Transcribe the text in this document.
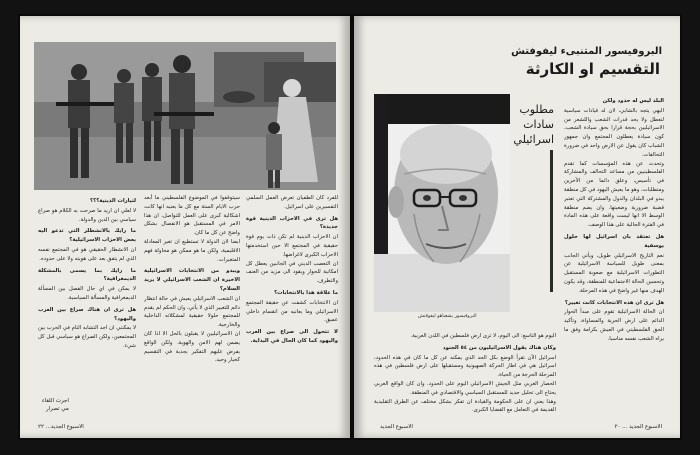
للفرد كان الطفيان تعرض العمل السلمي التفسيرين على اسرائيل.
هل ترى في الاحزاب الدينية قوة جديدة؟
ان الاحزاب الدينية لم تكن ذات يوم قوة حقيقية في المجتمع الا حين استخدمتها الاحزاب الكبرى لاغراضها.
ان التعصب الديني في الجانبين يعطل كل امكانية للحوار ويقود الى مزيد من العنف والتطرف.
ما علاقة هذا بالانتخابات؟
ان الانتخابات كشفت عن حقيقة المجتمع الاسرائيلي وما يعانيه من انقسام داخلي عميق.
لا تتحول الى صراع بين العرب واليهود كما كان الحال في البداية.
سيتوقفوا في الموضوع الفلسطيني ما أبعد حرب الايام الستة مع كل ما يعنيه انها كانت اشكالية كبرى على العمل للتواصل، ان هذا الامر في المستقبل هو الانفصال بشكل واضح عن كل ما كان.
ايضا لان الدولة لا تستطيع ان تغير المعادلة الاقليمية، ولكن ما هو ممكن هو محاولة فهم المتغيرات.
ويبدو من الانتخابات الاسرائيلية الاخيرة ان الشعب الاسرائيلي لا يريد السلام؟
ان الشعب الاسرائيلي يعيش في حالة انتظار دائم للتغيير الذي لا يأتي، وان الحكم لم يقدم للمجتمع حلولا حقيقية لمشكلاته الداخلية والخارجية.
ان الاسرائيليين لا يقبلون بالحل الا اذا كان يضمن لهم الامن والهوية، ولكن الواقع يفرض عليهم التفكير بجدية في التقسيم كخيار وحيد.
لتيارات الدينية؟؟؟
لا لعلي ان اريد ما صرحت به الكلام هو صراع سياسي بين الدين والدولة.
ما رايك بالانشطلر التي تدعو اليه بعض الاحزاب الاسرائيلية؟
ان الانشطار الحقيقي هو في المجتمع نفسه الذي لم يتفق بعد على هويته ولا على حدوده.
ما رايك بما يسمى بالمشكلة الديمغرافية؟
لا يمكن في اي حال الفصل بين المسألة الديمغرافية والمسألة السياسية.
هل ترى ان هناك صراع بين العرب واليهود؟
لا يمكنني ان اجد التشابه التام في الحرب بين المجتمعين، ولكن الصراع هو سياسي قبل كل شيء.
اجرت اللقاء
مي تصرار
الاسبوع الجديد... ٢٢
البروفيسور المتنبىء ليفوفتش
التقسيم او الكارثة
البروفيسور يشعياهو ليفوفتش
مطلوب
سادات
اسرائيلي
البلد ليس له حدود ولكن
اليهي يتجه بالشابي، لان له قيادات سياسية لتعطل ولا يحد قدرات الشعب واللشعر من الاسرائيليين بحجة قرارا بحق سيادة الشعب، كون سيادة يعطلون المجتمع وان جمهور الشباب كان يقول عن الارض واحد في ضرورة التحالفات.
وتحدث عن هذه المؤسسات كما تقدم الفلسطينيين من مساعد التحالف والمشاركة في تأسيس، وعلق دائما من الآخرين ومتطلبات، وهو ما يعيش اليهود في كل منطقة يبدو في البلدان والدول والمشتركة التي تعتبر قضية ضرورية وضعيتها. وان يضم منطقة الوسط الا انها ليست واقعة على هذه المادة في الفترة الحالية على هذا الوصف.
هل تعتقد بان اسرائيل لها حلول يوسفية
نعم التاريخ الاسرائيلي طويل، ويأتي الجانب بمعنى طويل للسياسة الاسرائيلية عن التطورات الاسرائيلية مع صعوبة المستقبل وتحسين الحالة الاجتماعية للمنطقة، وقد يكون الهدف منها غير واضح في هذه المرحلة.
هل ترى ان هذه الانتخابات كانت تغيير؟
ان الحالة الاسرائيلية تقوم على مبدأ الحوار الدائم على ارض الحرية والمساواة، وتأكيد الحق الفلسطيني في العيش بكرامة وفق ما يراه الشعب نفسه مناسبا.
اليوم هو التاسع: الى اليوم، لا ترى ارض فلسطين في اللدن العربية.
وكان هناك يقول الاسرائيليون من ٥٤ الجنود
اسرائيل الآن تقرأ الوضع بكل الحد الذي يمكنه عن كل ما كان في هذه الحدود، اسرائيل هي في اطار الحركة الصهيونية ومستقبلها على ارض فلسطين في هذه المرحلة الحرجة من الحياة.
الحصار الغربي مثل الجيش الاسرائيلي اليوم على الحدود. وان كان الواقع العربي يحتاج الى تحليل جديد للمستقبل السياسي والاقتصادي في المنطقة.
وهذا يعني ان على الحكومة والقيادة ان تفكر بشكل مختلف عن الطرق التقليدية القديمة في التعامل مع القضايا الكبرى.
الاسبوع الجديد	الاسبوع الجديد ... ٢٠
